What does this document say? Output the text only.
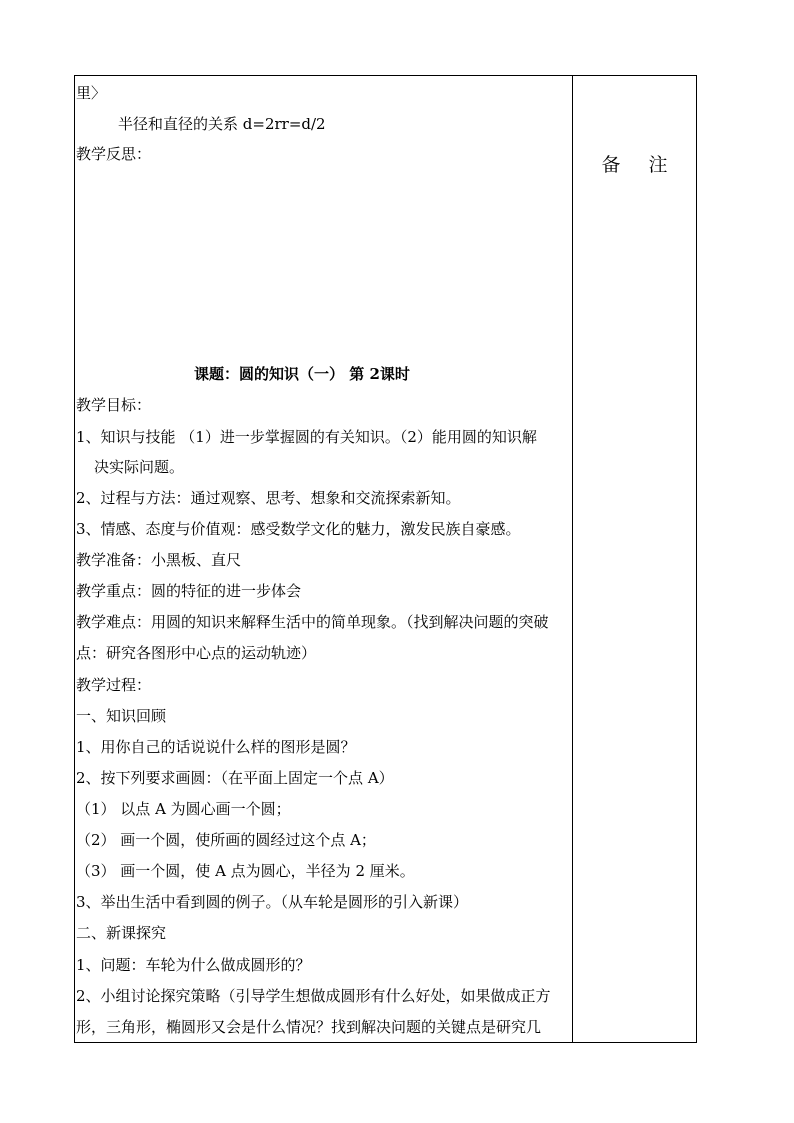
备 注
里〉
半径和直径的关系 d=2rr=d/2
教学反思：
课题：圆的知识（一） 第 2课时
教学目标：
1、知识与技能 （1）进一步掌握圆的有关知识。（2）能用圆的知识解
决实际问题。
2、过程与方法：通过观察、思考、想象和交流探索新知。
3、情感、态度与价值观：感受数学文化的魅力，激发民族自豪感。
教学准备：小黑板、直尺
教学重点：圆的特征的进一步体会
教学难点：用圆的知识来解释生活中的简单现象。（找到解决问题的突破
点：研究各图形中心点的运动轨迹）
教学过程：
一、知识回顾
1、用你自己的话说说什么样的图形是圆？
2、按下列要求画圆：（在平面上固定一个点 A）
（1） 以点 A 为圆心画一个圆；
（2） 画一个圆，使所画的圆经过这个点 A；
（3） 画一个圆，使 A 点为圆心，半径为 2 厘米。
3、举出生活中看到圆的例子。（从车轮是圆形的引入新课）
二、新课探究
1、问题：车轮为什么做成圆形的？
2、小组讨论探究策略（引导学生想做成圆形有什么好处，如果做成正方
形，三角形，椭圆形又会是什么情况？找到解决问题的关键点是研究几
